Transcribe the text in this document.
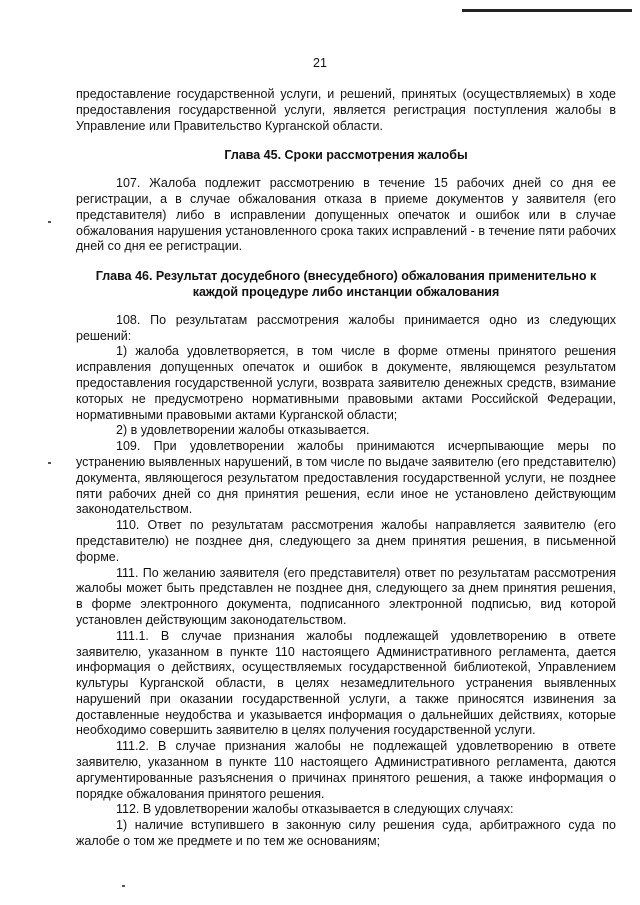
21

предоставление государственной услуги, и решений, принятых (осуществляемых) в ходе предоставления государственной услуги, является регистрация поступления жалобы в Управление или Правительство Курганской области.

Глава 45. Сроки рассмотрения жалобы

107. Жалоба подлежит рассмотрению в течение 15 рабочих дней со дня ее регистрации, а в случае обжалования отказа в приеме документов у заявителя (его представителя) либо в исправлении допущенных опечаток и ошибок или в случае обжалования нарушения установленного срока таких исправлений - в течение пяти рабочих дней со дня ее регистрации.

Глава 46. Результат досудебного (внесудебного) обжалования применительно к каждой процедуре либо инстанции обжалования

108. По результатам рассмотрения жалобы принимается одно из следующих решений:

1) жалоба удовлетворяется, в том числе в форме отмены принятого решения исправления допущенных опечаток и ошибок в документе, являющемся результатом предоставления государственной услуги, возврата заявителю денежных средств, взимание которых не предусмотрено нормативными правовыми актами Российской Федерации, нормативными правовыми актами Курганской области;

2) в удовлетворении жалобы отказывается.

109. При удовлетворении жалобы принимаются исчерпывающие меры по устранению выявленных нарушений, в том числе по выдаче заявителю (его представителю) документа, являющегося результатом предоставления государственной услуги, не позднее пяти рабочих дней со дня принятия решения, если иное не установлено действующим законодательством.

110. Ответ по результатам рассмотрения жалобы направляется заявителю (его представителю) не позднее дня, следующего за днем принятия решения, в письменной форме.

111. По желанию заявителя (его представителя) ответ по результатам рассмотрения жалобы может быть представлен не позднее дня, следующего за днем принятия решения, в форме электронного документа, подписанного электронной подписью, вид которой установлен действующим законодательством.

111.1. В случае признания жалобы подлежащей удовлетворению в ответе заявителю, указанном в пункте 110 настоящего Административного регламента, дается информация о действиях, осуществляемых государственной библиотекой, Управлением культуры Курганской области, в целях незамедлительного устранения выявленных нарушений при оказании государственной услуги, а также приносятся извинения за доставленные неудобства и указывается информация о дальнейших действиях, которые необходимо совершить заявителю в целях получения государственной услуги.

111.2. В случае признания жалобы не подлежащей удовлетворению в ответе заявителю, указанном в пункте 110 настоящего Административного регламента, даются аргументированные разъяснения о причинах принятого решения, а также информация о порядке обжалования принятого решения.

112. В удовлетворении жалобы отказывается в следующих случаях:

1) наличие вступившего в законную силу решения суда, арбитражного суда по жалобе о том же предмете и по тем же основаниям;
